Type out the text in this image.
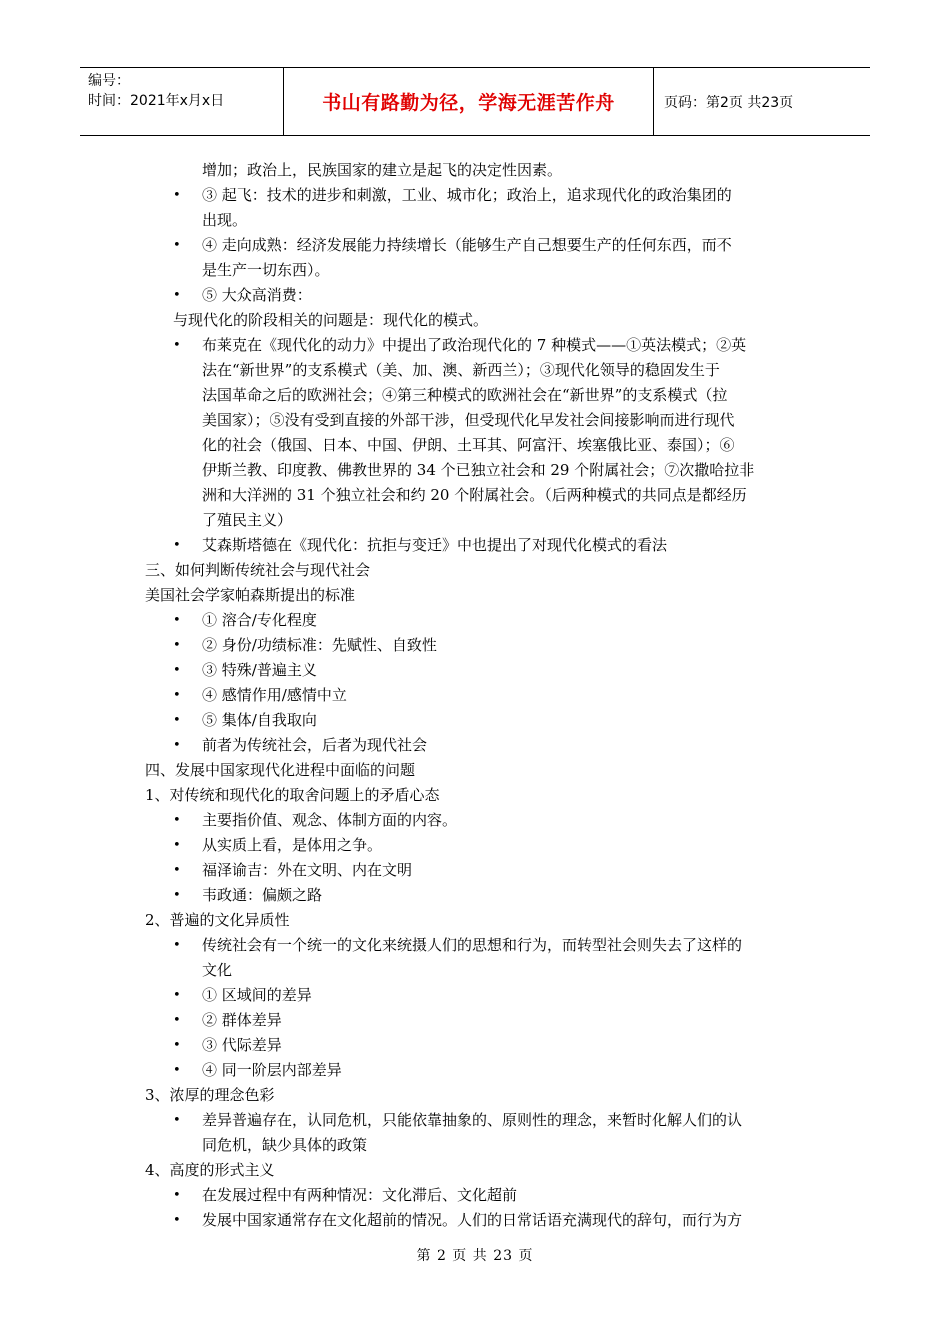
编号：
时间：2021年x月x日	书山有路勤为径，学海无涯苦作舟	页码：第2页 共23页
增加；政治上，民族国家的建立是起飞的决定性因素。
• ③ 起飞：技术的进步和刺激，工业、城市化；政治上，追求现代化的政治集团的
出现。
• ④ 走向成熟：经济发展能力持续增长（能够生产自己想要生产的任何东西，而不
是生产一切东西）。
• ⑤ 大众高消费：
与现代化的阶段相关的问题是：现代化的模式。
• 布莱克在《现代化的动力》中提出了政治现代化的 7 种模式——①英法模式；②英
法在“新世界”的支系模式（美、加、澳、新西兰）；③现代化领导的稳固发生于
法国革命之后的欧洲社会；④第三种模式的欧洲社会在“新世界”的支系模式（拉
美国家）；⑤没有受到直接的外部干涉，但受现代化早发社会间接影响而进行现代
化的社会（俄国、日本、中国、伊朗、土耳其、阿富汗、埃塞俄比亚、泰国）；⑥
伊斯兰教、印度教、佛教世界的 34 个已独立社会和 29 个附属社会；⑦次撒哈拉非
洲和大洋洲的 31 个独立社会和约 20 个附属社会。（后两种模式的共同点是都经历
了殖民主义）
• 艾森斯塔德在《现代化：抗拒与变迁》中也提出了对现代化模式的看法
三、如何判断传统社会与现代社会
美国社会学家帕森斯提出的标准
• ① 溶合/专化程度
• ② 身份/功绩标准：先赋性、自致性
• ③ 特殊/普遍主义
• ④ 感情作用/感情中立
• ⑤ 集体/自我取向
• 前者为传统社会，后者为现代社会
四、发展中国家现代化进程中面临的问题
1、对传统和现代化的取舍问题上的矛盾心态
• 主要指价值、观念、体制方面的内容。
• 从实质上看，是体用之争。
• 福泽谕吉：外在文明、内在文明
• 韦政通：偏颇之路
2、普遍的文化异质性
• 传统社会有一个统一的文化来统摄人们的思想和行为，而转型社会则失去了这样的
文化
• ① 区域间的差异
• ② 群体差异
• ③ 代际差异
• ④ 同一阶层内部差异
3、浓厚的理念色彩
• 差异普遍存在，认同危机，只能依靠抽象的、原则性的理念，来暂时化解人们的认
同危机，缺少具体的政策
4、高度的形式主义
• 在发展过程中有两种情况：文化滞后、文化超前
• 发展中国家通常存在文化超前的情况。人们的日常话语充满现代的辞句，而行为方
第 2 页 共 23 页
